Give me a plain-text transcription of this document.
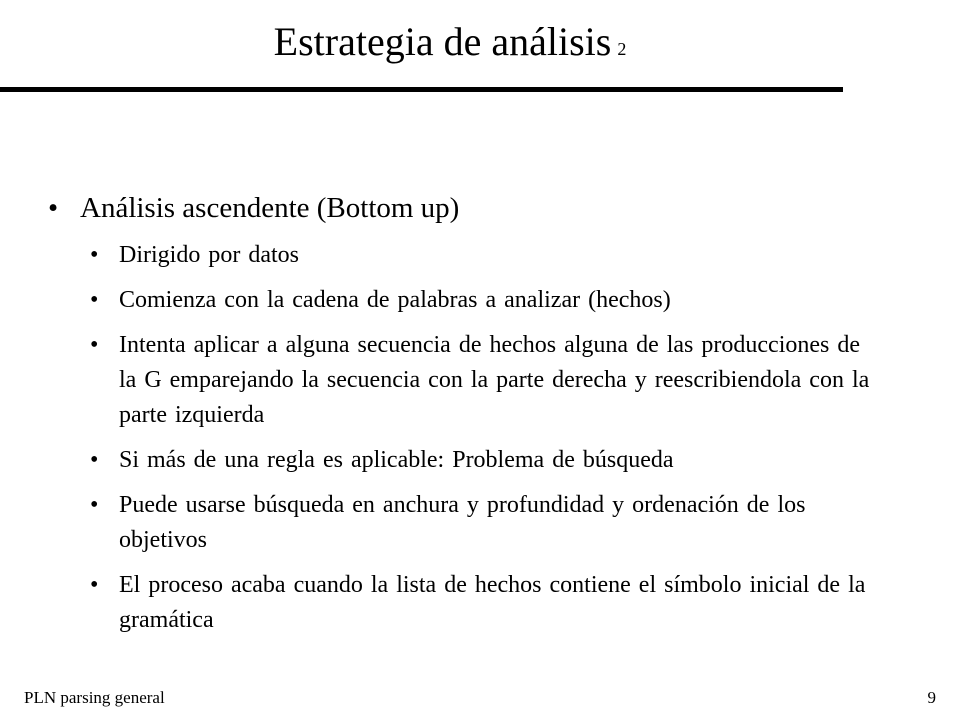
Estrategia de análisis 2
• Análisis ascendente (Bottom up)
• Dirigido por datos
• Comienza con la cadena de palabras a analizar (hechos)
• Intenta aplicar a alguna secuencia de hechos alguna de las producciones de la G emparejando la secuencia con la parte derecha y reescribiendola con la parte izquierda
• Si más de una regla es aplicable: Problema de búsqueda
• Puede usarse búsqueda en anchura y profundidad y ordenación de los objetivos
• El proceso acaba cuando la lista de hechos contiene el símbolo inicial de la gramática
PLN parsing general	9
